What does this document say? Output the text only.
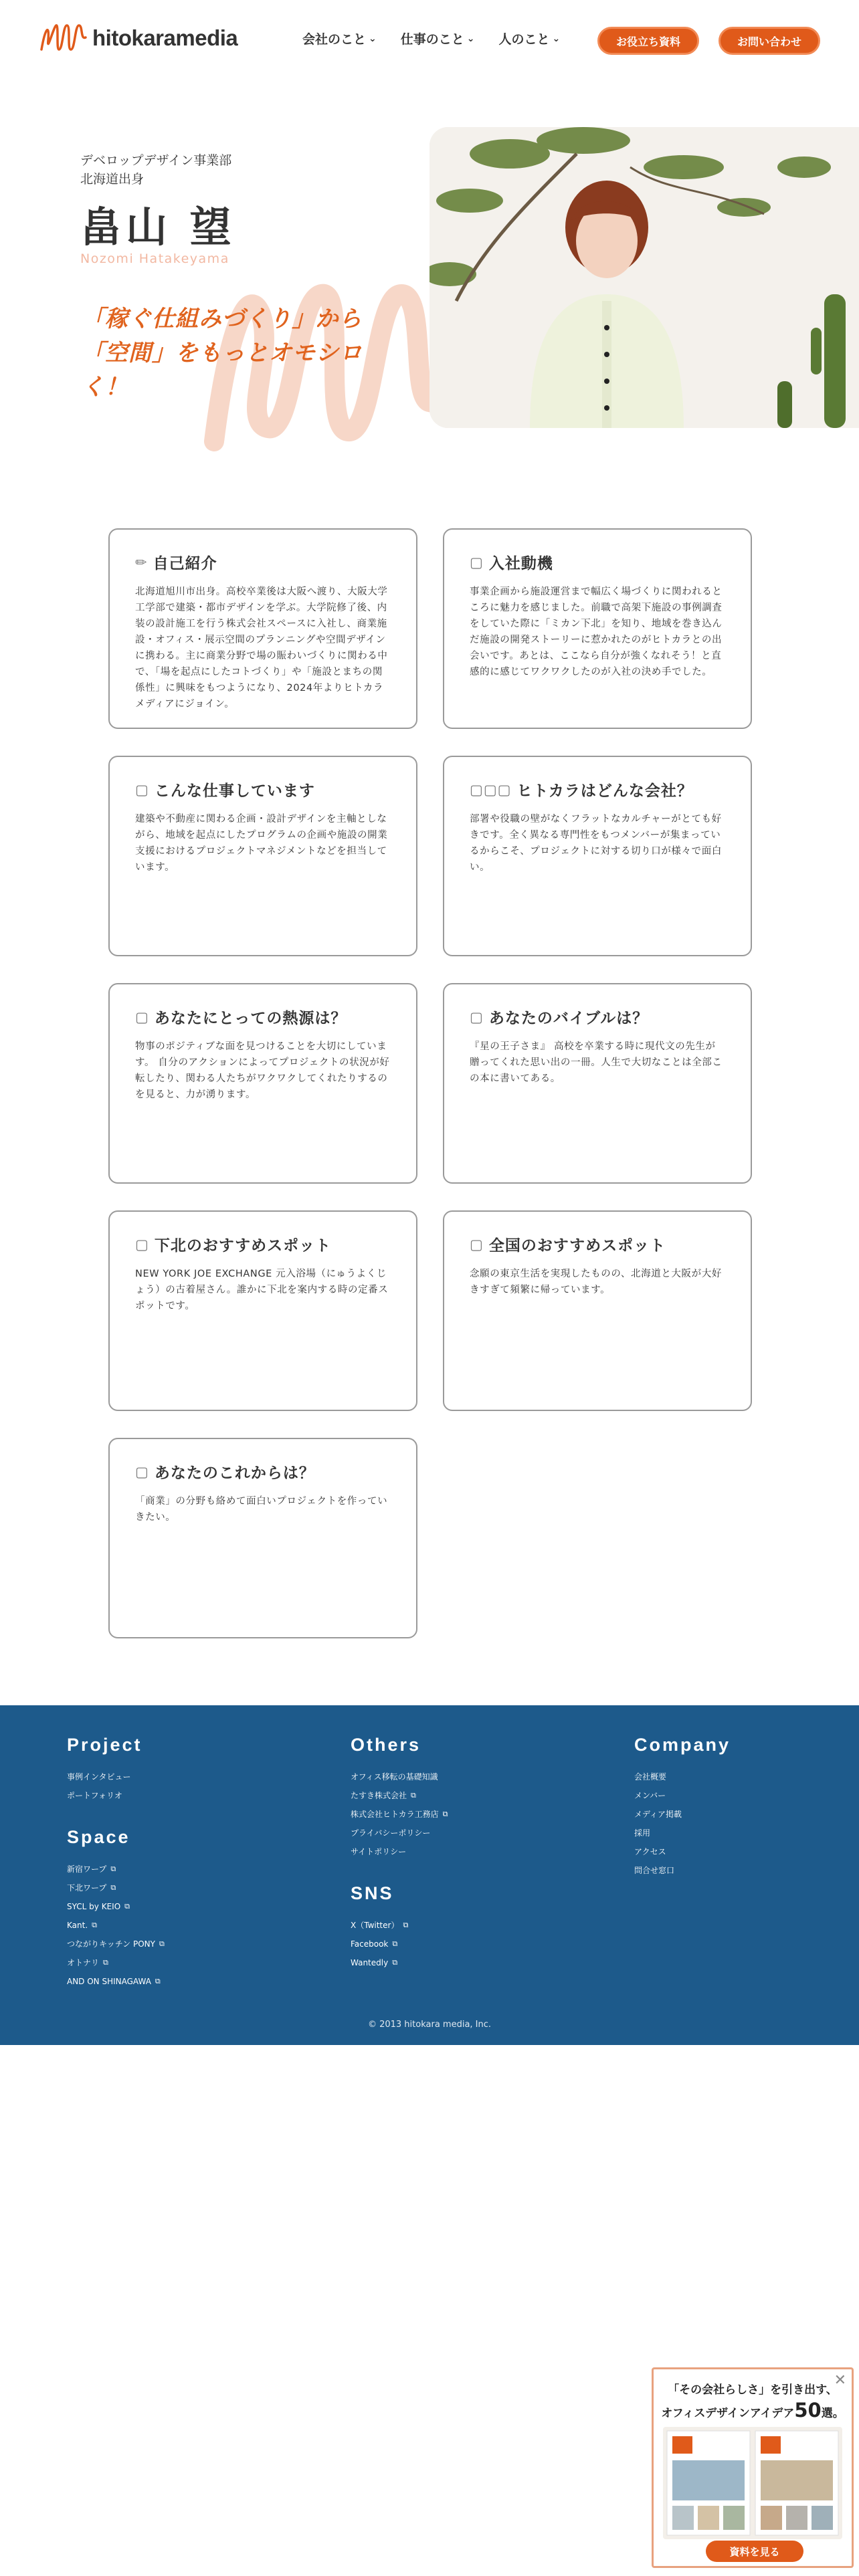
hitokaramedia	会社のこと ⌄ 仕事のこと ⌄ 人のこと ⌄	お役立ち資料	お問い合わせ
デベロップデザイン事業部
北海道出身
畠山 望
Nozomi Hatakeyama
「稼ぐ仕組みづくり」から
「空間」をもっとオモシロ
く！
✏ 自己紹介
北海道旭川市出身。高校卒業後は大阪へ渡り、大阪大学工学部で建築・都市デザインを学ぶ。大学院修了後、内装の設計施工を行う株式会社スペースに入社し、商業施設・オフィス・展示空間のプランニングや空間デザインに携わる。主に商業分野で場の賑わいづくりに関わる中で、「場を起点にしたコトづくり」や「施設とまちの関係性」に興味をもつようになり、2024年よりヒトカラメディアにジョイン。
▢ 入社動機
事業企画から施設運営まで幅広く場づくりに関われるところに魅力を感じました。前職で高架下施設の事例調査をしていた際に「ミカン下北」を知り、地域を巻き込んだ施設の開発ストーリーに惹かれたのがヒトカラとの出会いです。あとは、ここなら自分が強くなれそう！と直感的に感じてワクワクしたのが入社の決め手でした。
▢ こんな仕事しています
建築や不動産に関わる企画・設計デザインを主軸としながら、地域を起点にしたプログラムの企画や施設の開業支援におけるプロジェクトマネジメントなどを担当しています。
▢▢▢ ヒトカラはどんな会社？
部署や役職の壁がなくフラットなカルチャーがとても好きです。全く異なる専門性をもつメンバーが集まっているからこそ、プロジェクトに対する切り口が様々で面白い。
▢ あなたにとっての熱源は？
物事のポジティブな面を見つけることを大切にしています。 自分のアクションによってプロジェクトの状況が好転したり、関わる人たちがワクワクしてくれたりするのを見ると、力が湧ります。
▢ あなたのバイブルは？
『星の王子さま』 高校を卒業する時に現代文の先生が贈ってくれた思い出の一冊。人生で大切なことは全部この本に書いてある。
▢ 下北のおすすめスポット
NEW YORK JOE EXCHANGE 元入浴場（にゅうよくじょう）の古着屋さん。誰かに下北を案内する時の定番スポットです。
▢ 全国のおすすめスポット
念願の東京生活を実現したものの、北海道と大阪が大好きすぎて頻繁に帰っています。
▢ あなたのこれからは？
「商業」の分野も絡めて面白いプロジェクトを作っていきたい。
Project
事例インタビュー
ポートフォリオ
Space
新宿ワープ ⧉
下北ワープ ⧉
SYCL by KEIO ⧉
Kant. ⧉
つながりキッチン PONY ⧉
オトナリ ⧉
AND ON SHINAGAWA ⧉
Others
オフィス移転の基礎知識
たすき株式会社 ⧉
株式会社ヒトカラ工務店 ⧉
プライバシーポリシー
サイトポリシー
SNS
X（Twitter） ⧉
Facebook ⧉
Wantedly ⧉
Company
会社概要
メンバー
メディア掲載
採用
アクセス
問合せ窓口
© 2013 hitokara media, Inc.
✕
「その会社らしさ」を引き出す、
オフィスデザインアイデア50選。
資料を見る
